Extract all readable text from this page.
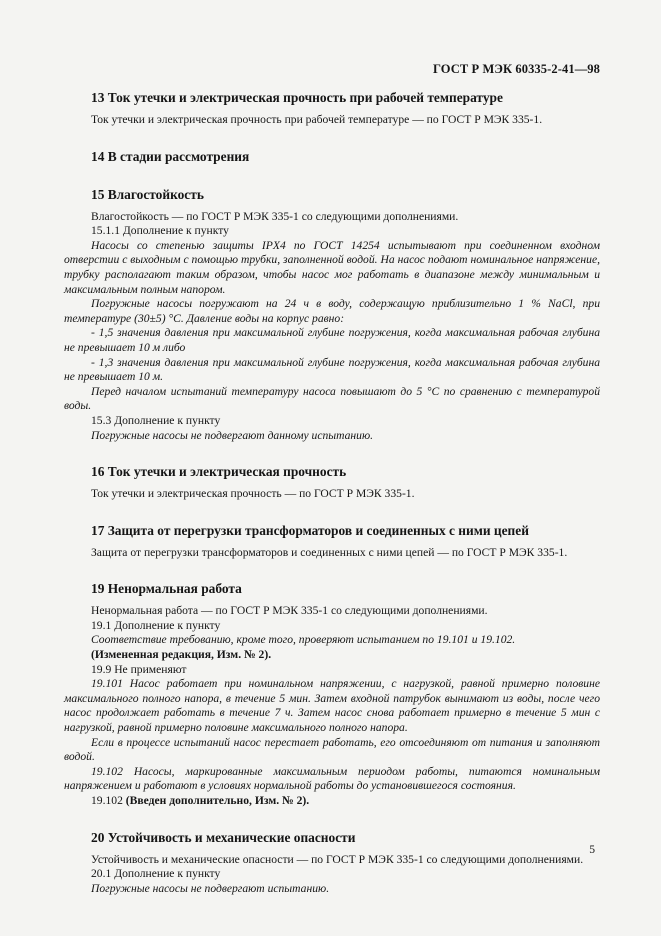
ГОСТ Р МЭК 60335-2-41—98
13 Ток утечки и электрическая прочность при рабочей температуре

Ток утечки и электрическая прочность при рабочей температуре — по ГОСТ Р МЭК 335-1.

14 В стадии рассмотрения
15 Влагостойкость

Влагостойкость — по ГОСТ Р МЭК 335-1 со следующими дополнениями.

15.1.1 Дополнение к пункту

Насосы со степенью защиты IPX4 по ГОСТ 14254 испытывают при соединенном входном отверстии с выходным с помощью трубки, заполненной водой. На насос подают номинальное напряжение, трубку располагают таким образом, чтобы насос мог работать в диапазоне между минимальным и максимальным полным напором.

Погружные насосы погружают на 24 ч в воду, содержащую приблизительно 1 % NaCl, при температуре (30±5) °С. Давление воды на корпус равно:

- 1,5 значения давления при максимальной глубине погружения, когда максимальная рабочая глубина не превышает 10 м либо

- 1,3 значения давления при максимальной глубине погружения, когда максимальная рабочая глубина не превышает 10 м.

Перед началом испытаний температуру насоса повышают до 5 °С по сравнению с температурой воды.

15.3 Дополнение к пункту

Погружные насосы не подвергают данному испытанию.

16 Ток утечки и электрическая прочность

Ток утечки и электрическая прочность — по ГОСТ Р МЭК 335-1.

17 Защита от перегрузки трансформаторов и соединенных с ними цепей

Защита от перегрузки трансформаторов и соединенных с ними цепей — по ГОСТ Р МЭК 335-1.

19 Ненормальная работа

Ненормальная работа — по ГОСТ Р МЭК 335-1 со следующими дополнениями.

19.1 Дополнение к пункту

Соответствие требованию, кроме того, проверяют испытанием по 19.101 и 19.102.

(Измененная редакция, Изм. № 2).

19.9 Не применяют

19.101 Насос работает при номинальном напряжении, с нагрузкой, равной примерно половине максимального полного напора, в течение 5 мин. Затем входной патрубок вынимают из воды, после чего насос продолжает работать в течение 7 ч. Затем насос снова работает примерно в течение 5 мин с нагрузкой, равной примерно половине максимального полного напора.

Если в процессе испытаний насос перестает работать, его отсоединяют от питания и заполняют водой.

19.102 Насосы, маркированные максимальным периодом работы, питаются номинальным напряжением и работают в условиях нормальной работы до установившегося состояния.

19.102 (Введен дополнительно, Изм. № 2).

20 Устойчивость и механические опасности

Устойчивость и механические опасности — по ГОСТ Р МЭК 335-1 со следующими дополнениями.

20.1 Дополнение к пункту

Погружные насосы не подвергают испытанию.

5
